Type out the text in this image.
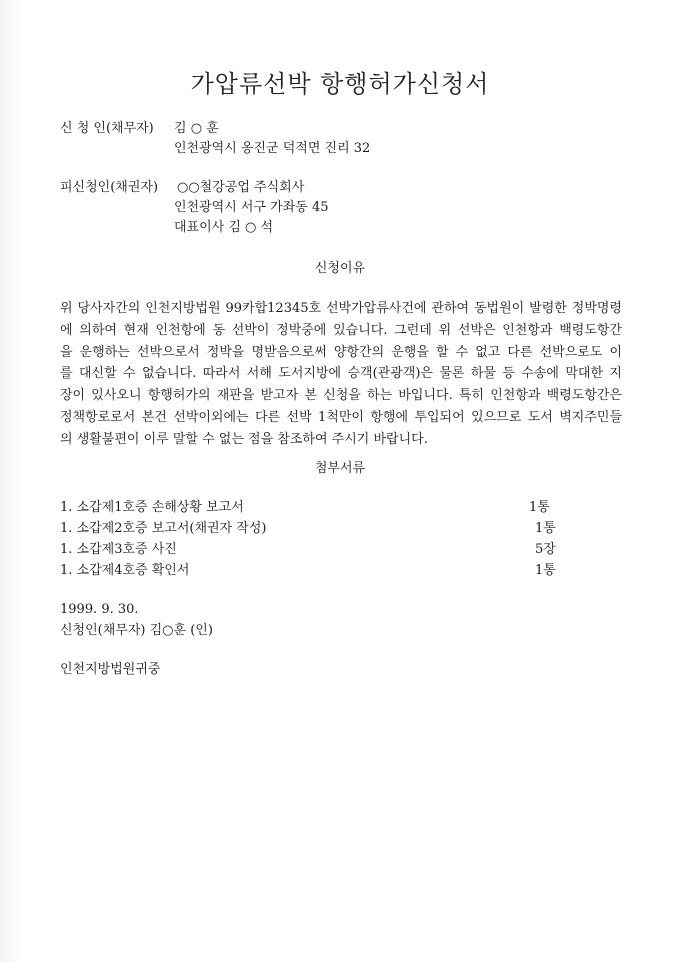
가압류선박 항행허가신청서
신 청 인(채무자) 김 ○ 훈
인천광역시 옹진군 덕적면 진리 32
피신청인(채권자) ○○철강공업 주식회사
인천광역시 서구 가좌동 45
대표이사 김 ○ 석
신청이유
위 당사자간의 인천지방법원 99카합12345호 선박가압류사건에 관하여 동법원이 발령한 정박명령
에 의하여 현재 인천항에 동 선박이 정박중에 있습니다. 그런데 위 선박은 인천항과 백령도항간
을 운행하는 선박으로서 정박을 명받음으로써 양항간의 운행을 할 수 없고 다른 선박으로도 이
를 대신할 수 없습니다. 따라서 서해 도서지방에 승객(관광객)은 물론 하물 등 수송에 막대한 지
장이 있사오니 항행허가의 재판을 받고자 본 신청을 하는 바입니다. 특히 인천항과 백령도항간은
정책항로로서 본건 선박이외에는 다른 선박 1척만이 항행에 투입되어 있으므로 도서 벽지주민들
의 생활불편이 이루 말할 수 없는 점을 참조하여 주시기 바랍니다.
첨부서류
1. 소갑제1호증 손해상황 보고서	1통
1. 소갑제2호증 보고서(채권자 작성)	1통
1. 소갑제3호증 사진	5장
1. 소갑제4호증 확인서	1통
1999. 9. 30.
신청인(채무자) 김○훈 (인)
인천지방법원귀중
